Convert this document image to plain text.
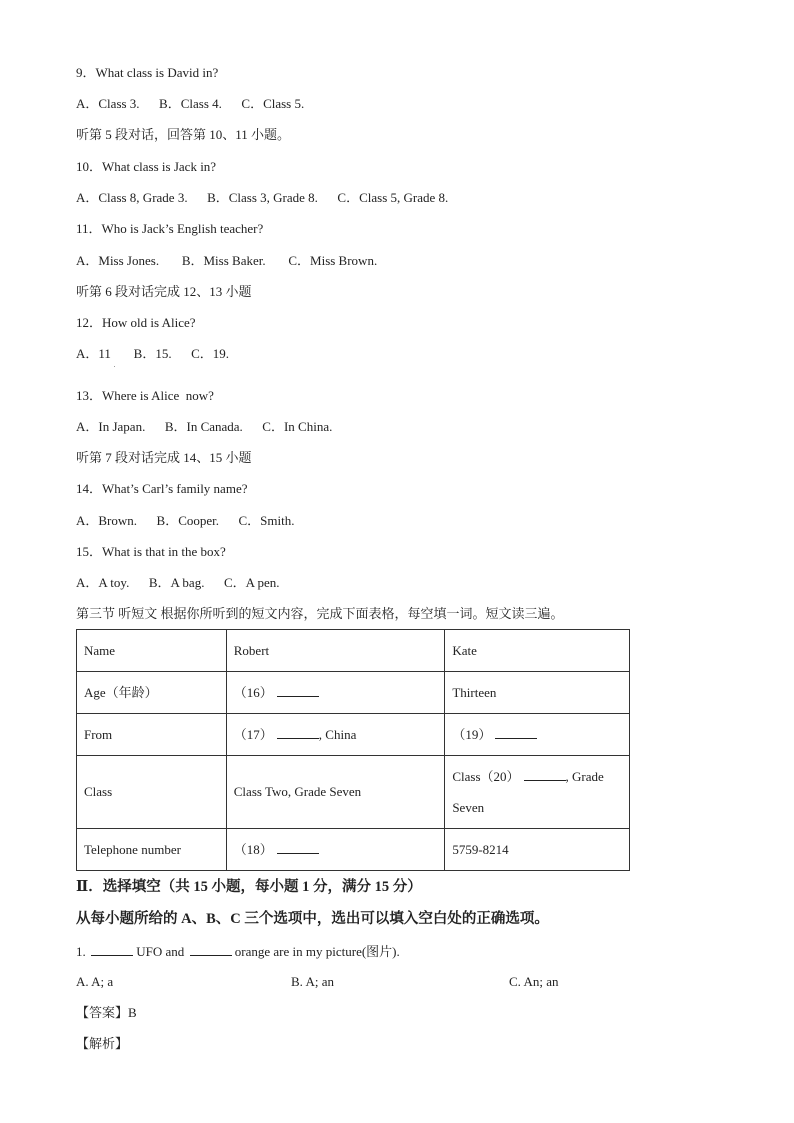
9．What class is David in?
A．Class 3.      B．Class 4.      C．Class 5.
听第 5 段对话，回答第 10、11 小题。
10．What class is Jack in?
A．Class 8, Grade 3.      B．Class 3, Grade 8.      C．Class 5, Grade 8.
11．Who is Jack’s English teacher?
A．Miss Jones.       B．Miss Baker.       C．Miss Brown.
听第 6 段对话完成 12、13 小题
12．How old is Alice?
A．11       B．15.      C．19.
13．Where is Alice  now?
A．In Japan.      B．In Canada.      C．In China.
听第 7 段对话完成 14、15 小题
14．What’s Carl’s family name?
A．Brown.      B．Cooper.      C．Smith.
15．What is that in the box?
A．A toy.      B．A bag.      C．A pen.
第三节 听短文 根据你所听到的短文内容，完成下面表格，每空填一词。短文读三遍。
Name	Robert	Kate
Age（年龄）	（16）	Thirteen
From	（17） , China	（19）
Class	Class Two, Grade Seven	Class（20） , Grade
Seven
Telephone number	（18）	5759-8214
Ⅱ．选择填空（共 15 小题，每小题 1 分，满分 15 分）
从每小题所给的 A、B、C 三个选项中，选出可以填入空白处的正确选项。
1.	UFO and	orange are in my picture(图片).
A. A; a	B. A; an	C. An; an
【答案】B
【解析】
